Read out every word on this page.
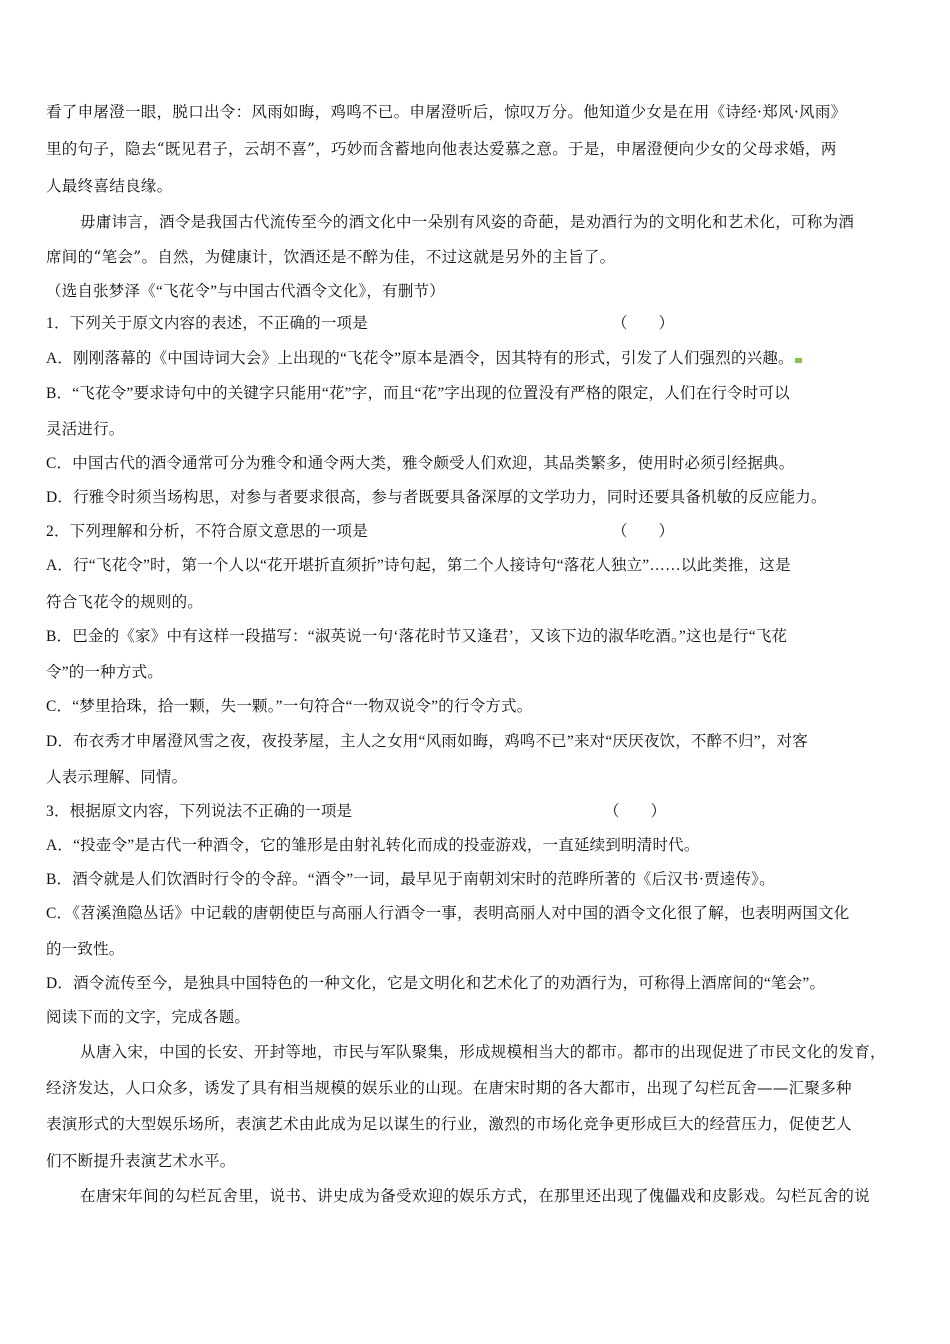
看了申屠澄一眼，脱口出令：风雨如晦，鸡鸣不已。申屠澄听后，惊叹万分。他知道少女是在用《诗经·郑风·风雨》

里的句子，隐去“既见君子，云胡不喜”，巧妙而含蓄地向他表达爱慕之意。于是，申屠澄便向少女的父母求婚，两

人最终喜结良缘。

毋庸讳言，酒令是我国古代流传至今的酒文化中一朵别有风姿的奇葩，是劝酒行为的文明化和艺术化，可称为酒

席间的“笔会”。自然，为健康计，饮酒还是不醉为佳，不过这就是另外的主旨了。

（选自张梦泽《“飞花令”与中国古代酒令文化》，有删节）

1．下列关于原文内容的表述，不正确的一项是	（　　）

A．刚刚落幕的《中国诗词大会》上出现的“飞花令”原本是酒令，因其特有的形式，引发了人们强烈的兴趣。

B．“飞花令”要求诗句中的关键字只能用“花”字，而且“花”字出现的位置没有严格的限定，人们在行令时可以

灵活进行。

C．中国古代的酒令通常可分为雅令和通令两大类，雅令颇受人们欢迎，其品类繁多，使用时必须引经据典。

D．行雅令时须当场构思，对参与者要求很高，参与者既要具备深厚的文学功力，同时还要具备机敏的反应能力。

2．下列理解和分析，不符合原文意思的一项是	（　　）

A．行“飞花令”时，第一个人以“花开堪折直须折”诗句起，第二个人接诗句“落花人独立”……以此类推，这是

符合飞花令的规则的。

B．巴金的《家》中有这样一段描写：“淑英说一句‘落花时节又逢君’，又该下边的淑华吃酒。”这也是行“飞花

令”的一种方式。

C．“梦里拾珠，拾一颗，失一颗。”一句符合“一物双说令”的行令方式。

D．布衣秀才申屠澄风雪之夜，夜投茅屋，主人之女用“风雨如晦，鸡鸣不已”来对“厌厌夜饮，不醉不归”，对客

人表示理解、同情。

3．根据原文内容，下列说法不正确的一项是	（　　）

A．“投壶令”是古代一种酒令，它的雏形是由射礼转化而成的投壶游戏，一直延续到明清时代。

B．酒令就是人们饮酒时行令的令辞。“酒令”一词，最早见于南朝刘宋时的范晔所著的《后汉书·贾逵传》。

C．《苕溪渔隐丛话》中记载的唐朝使臣与高丽人行酒令一事，表明高丽人对中国的酒令文化很了解，也表明两国文化

的一致性。

D．酒令流传至今，是独具中国特色的一种文化，它是文明化和艺术化了的劝酒行为，可称得上酒席间的“笔会”。

阅读下而的文字，完成各题。

从唐入宋，中国的长安、开封等地，市民与军队聚集，形成规模相当大的都市。都市的出现促进了市民文化的发育，

经济发达，人口众多，诱发了具有相当规模的娱乐业的山现。在唐宋时期的各大都市，出现了勾栏瓦舍——汇聚多种

表演形式的大型娱乐场所，表演艺术由此成为足以谋生的行业，激烈的市场化竞争更形成巨大的经营压力，促使艺人

们不断提升表演艺术水平。

在唐宋年间的勾栏瓦舍里，说书、讲史成为备受欢迎的娱乐方式，在那里还出现了傀儡戏和皮影戏。勾栏瓦舍的说
